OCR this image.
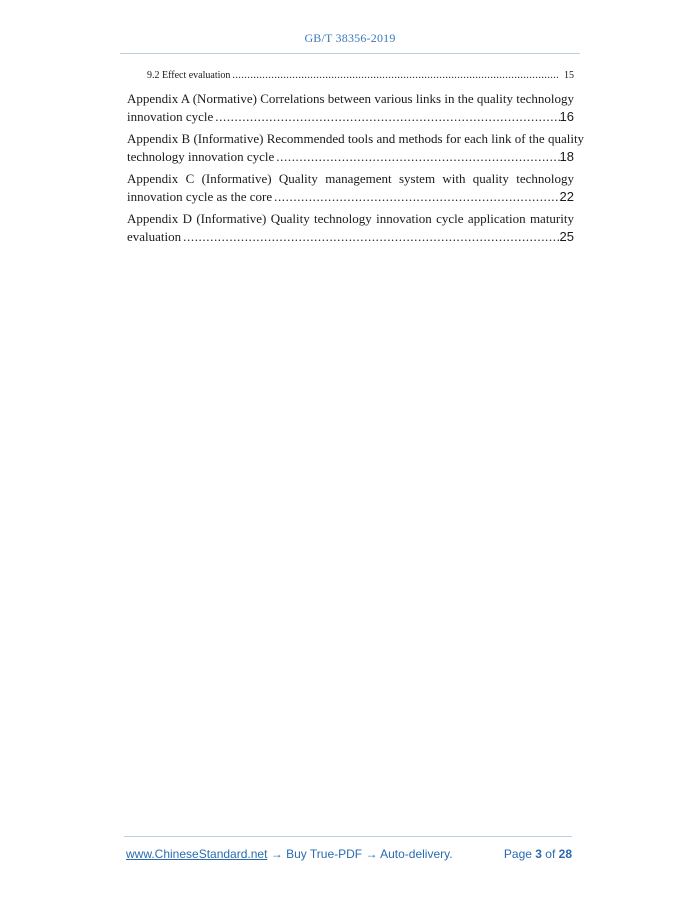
GB/T 38356-2019
9.2 Effect evaluation .....	15
Appendix A (Normative) Correlations between various links in the quality technology
innovation cycle .....	16
Appendix B (Informative) Recommended tools and methods for each link of the quality
technology innovation cycle .....	18
Appendix C (Informative) Quality management system with quality technology
innovation cycle as the core .....	22
Appendix D (Informative) Quality technology innovation cycle application maturity
evaluation .....	25
www.ChineseStandard.net → Buy True-PDF → Auto-delivery.	Page 3 of 28
